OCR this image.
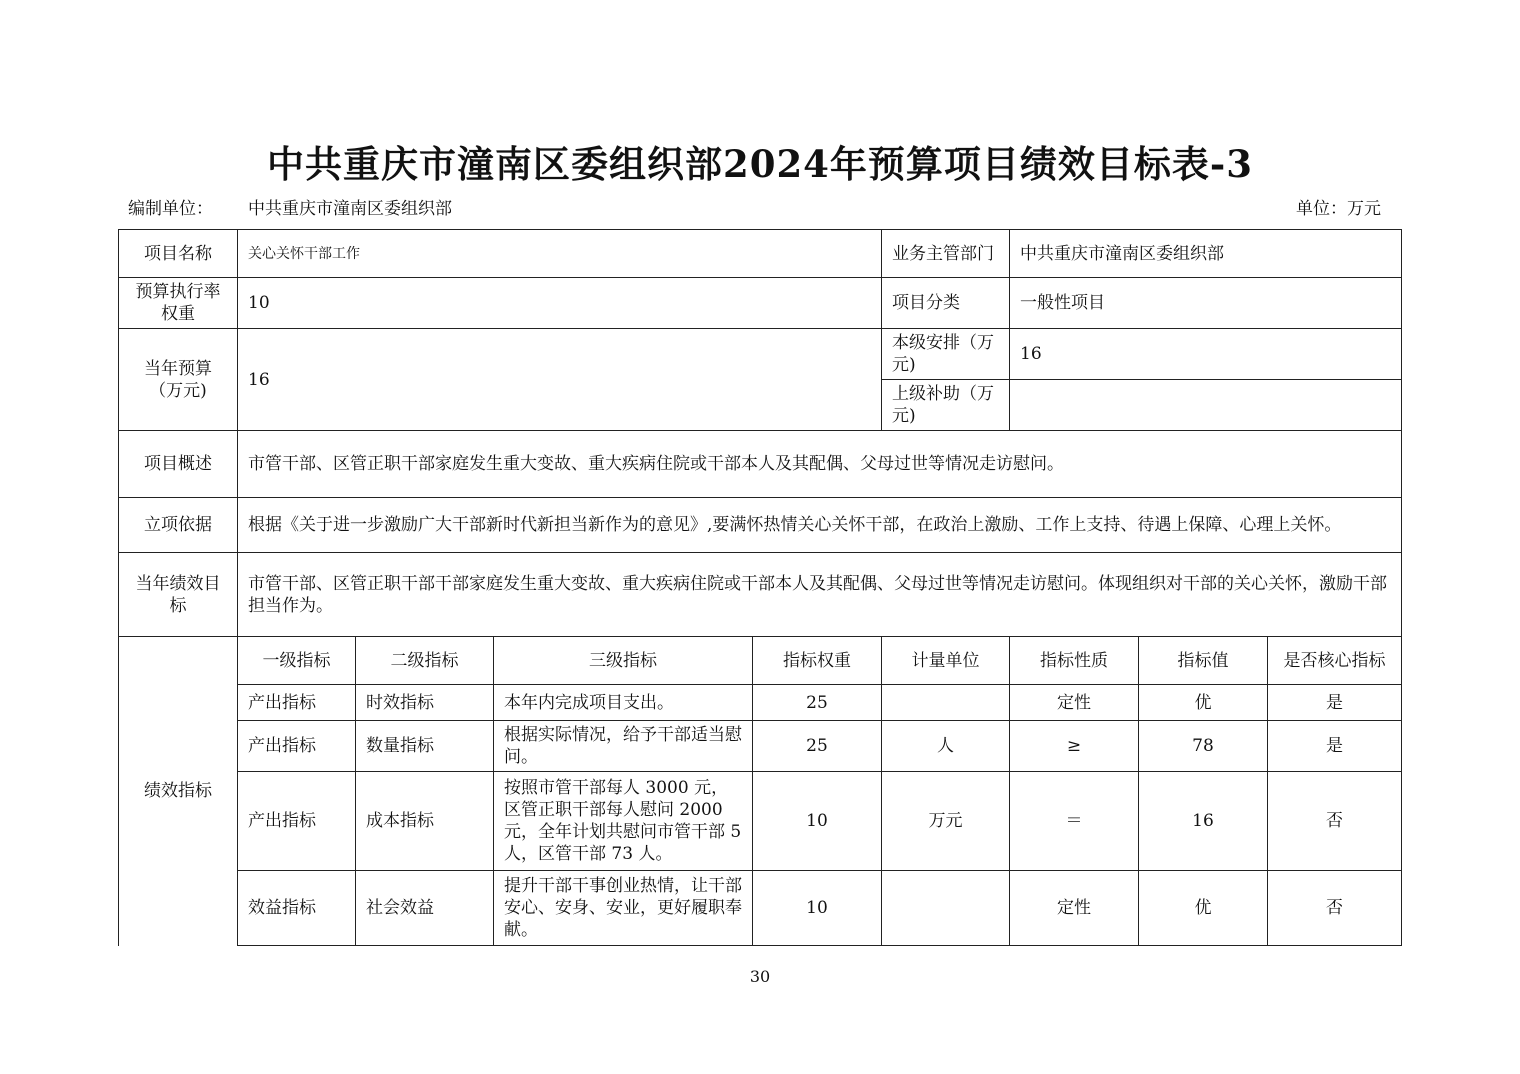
中共重庆市潼南区委组织部2024年预算项目绩效目标表-3
编制单位： 中共重庆市潼南区委组织部	单位：万元
项目名称	关心关怀干部工作				业务主管部门	中共重庆市潼南区委组织部		
预算执行率权重	10				项目分类	一般性项目		
当年预算（万元)	16				本级安排（万元)	16		
					上级补助（万元)			
项目概述	市管干部、区管正职干部家庭发生重大变故、重大疾病住院或干部本人及其配偶、父母过世等情况走访慰问。							
立项依据	根据《关于进一步激励广大干部新时代新担当新作为的意见》,要满怀热情关心关怀干部，在政治上激励、工作上支持、待遇上保障、心理上关怀。							
当年绩效目标	市管干部、区管正职干部干部家庭发生重大变故、重大疾病住院或干部本人及其配偶、父母过世等情况走访慰问。体现组织对干部的关心关怀，激励干部担当作为。							
绩效指标	一级指标	二级指标	三级指标	指标权重	计量单位	指标性质	指标值	是否核心指标
	产出指标	时效指标	本年内完成项目支出。	25		定性	优	是
	产出指标	数量指标	根据实际情况，给予干部适当慰问。	25	人	≥	78	是
	产出指标	成本指标	按照市管干部每人 3000 元，区管正职干部每人慰问 2000 元，全年计划共慰问市管干部 5 人，区管干部 73 人。	10	万元	＝	16	否
	效益指标	社会效益	提升干部干事创业热情，让干部安心、安身、安业，更好履职奉献。	10		定性	优	否
30
